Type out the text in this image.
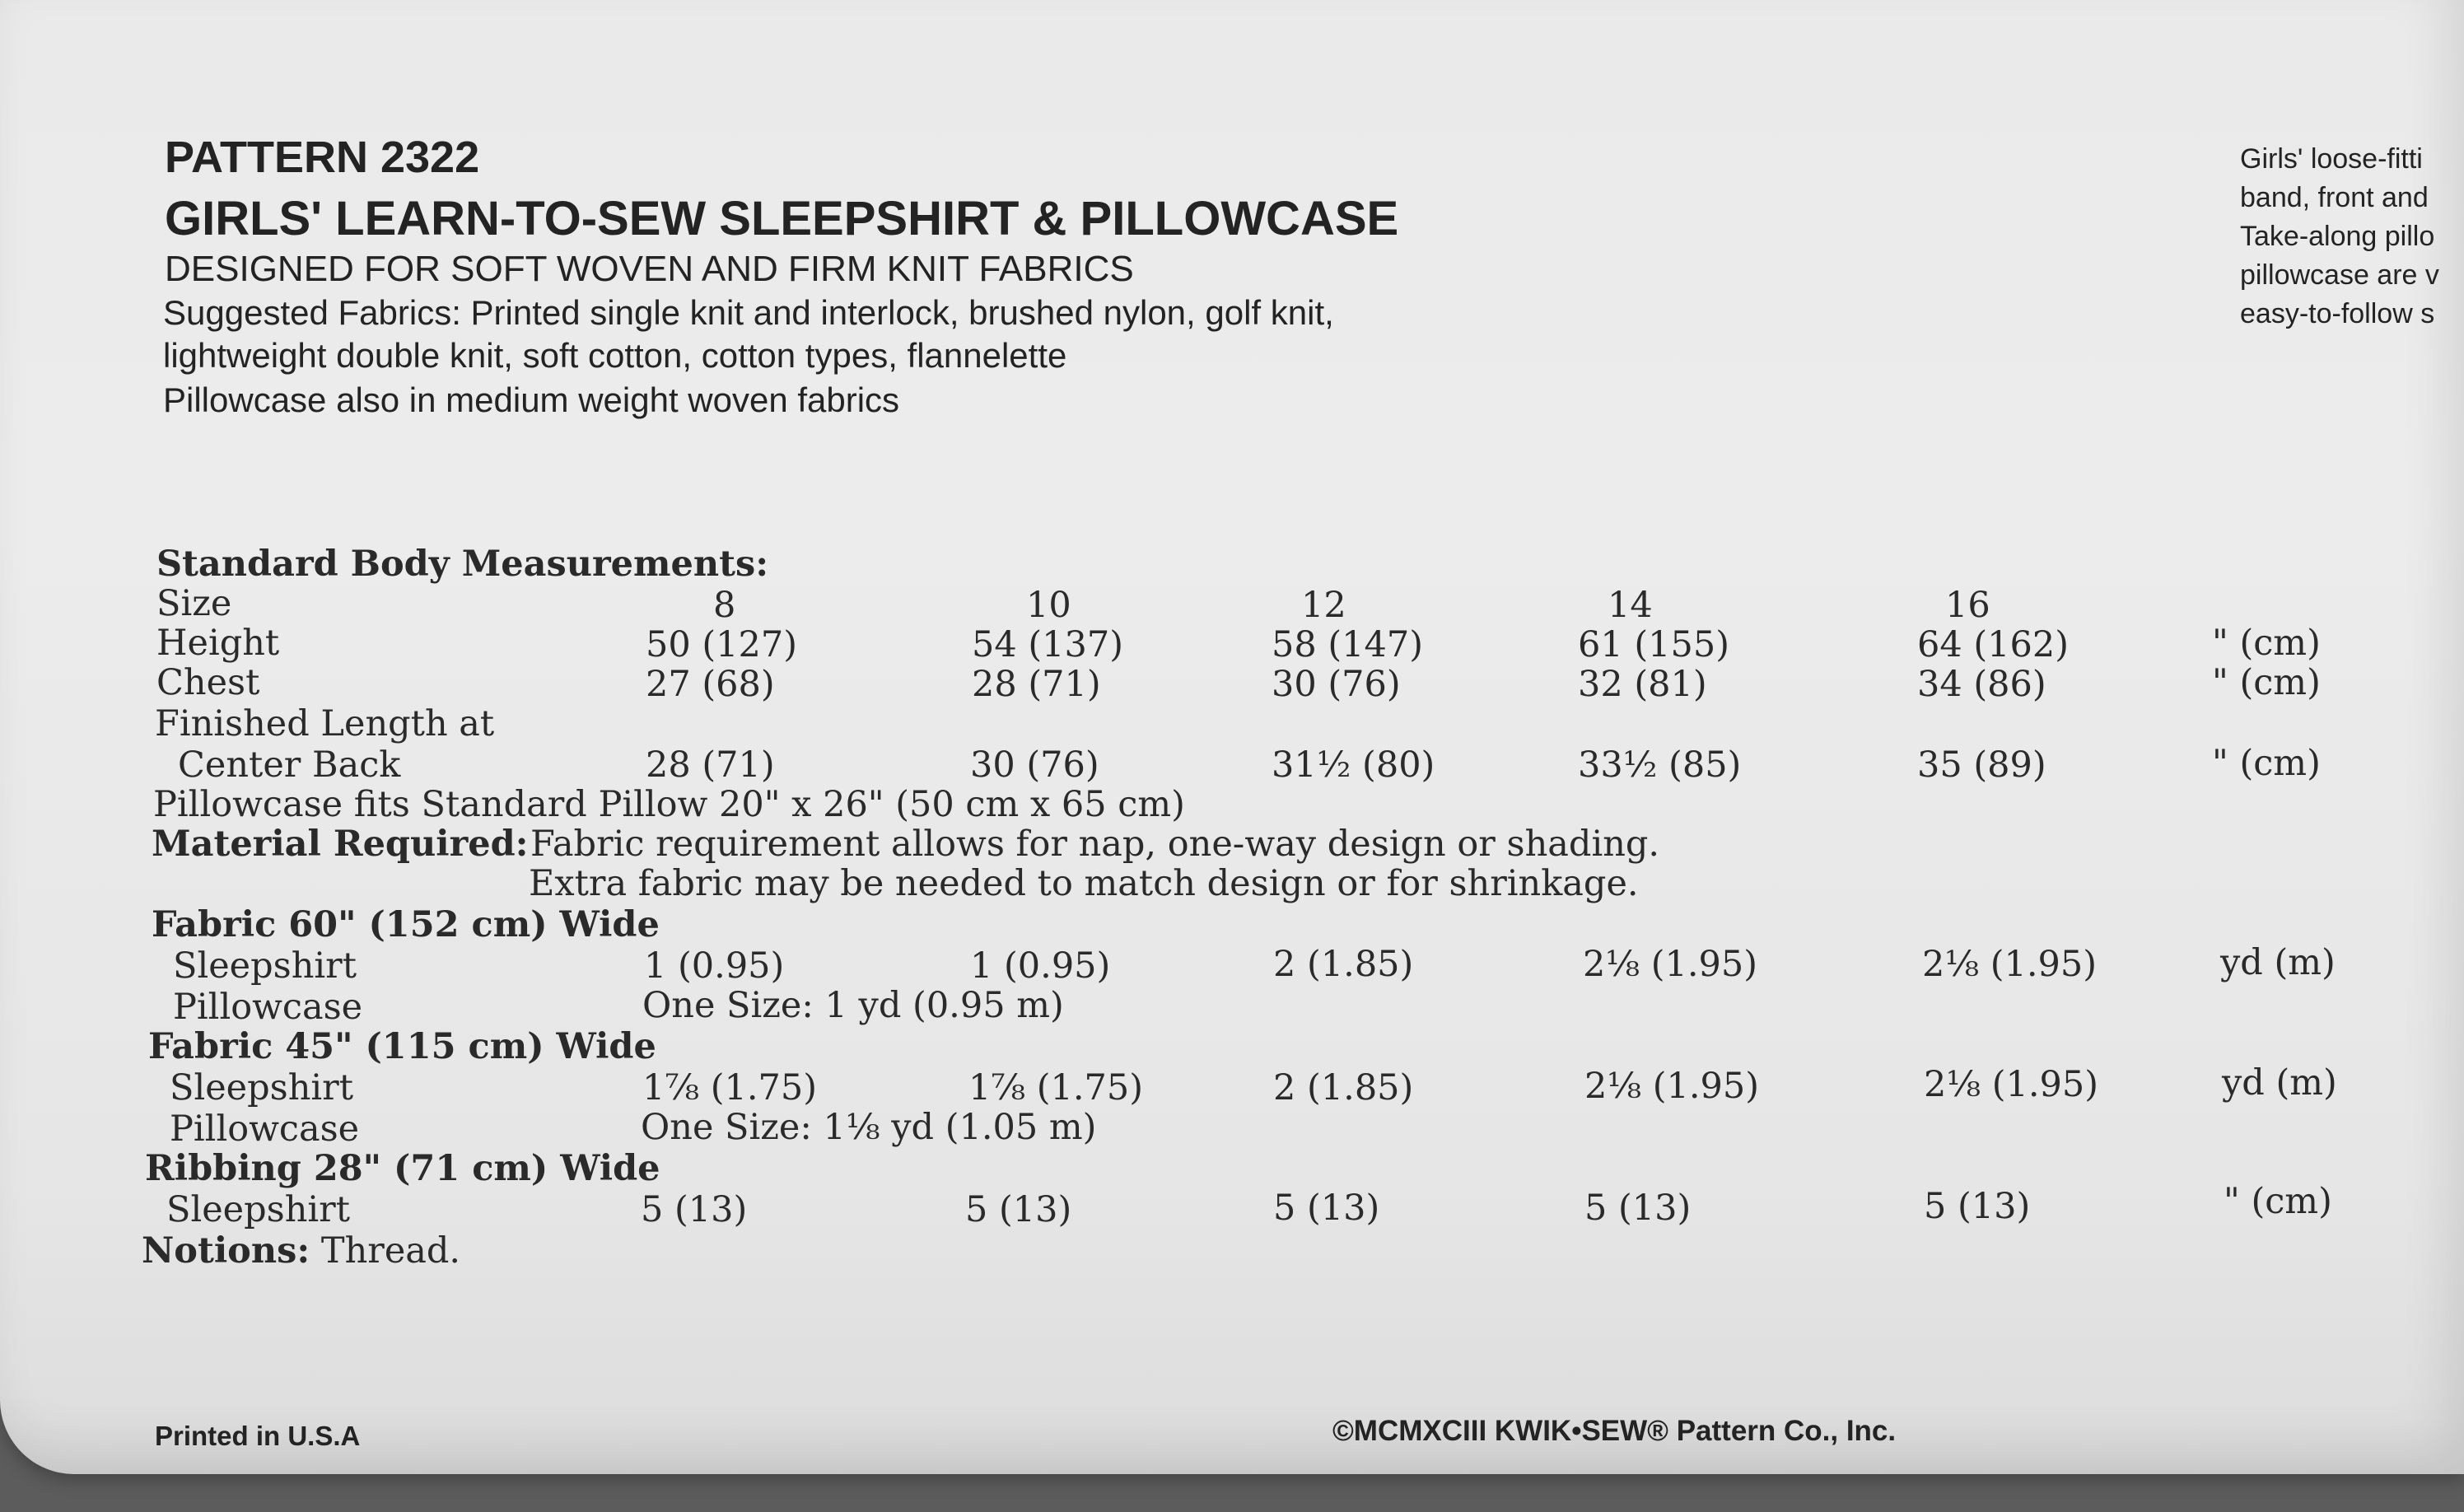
PATTERN 2322
GIRLS' LEARN-TO-SEW SLEEPSHIRT & PILLOWCASE
DESIGNED FOR SOFT WOVEN AND FIRM KNIT FABRICS
Suggested Fabrics: Printed single knit and interlock, brushed nylon, golf knit,
lightweight double knit, soft cotton, cotton types, flannelette
Pillowcase also in medium weight woven fabrics
Girls' loose-fitti
band, front and
Take-along pillo
pillowcase are v
easy-to-follow s
Standard Body Measurements:
Size	8	10	12	14	16
Height	50 (127)	54 (137)	58 (147)	61 (155)	64 (162)	" (cm)
Chest	27 (68)	28 (71)	30 (76)	32 (81)	34 (86)	" (cm)
Finished Length at
Center Back	28 (71)	30 (76)	31½ (80)	33½ (85)	35 (89)	" (cm)
Pillowcase fits Standard Pillow 20" x 26" (50 cm x 65 cm)
Material Required: Fabric requirement allows for nap, one-way design or shading.
Extra fabric may be needed to match design or for shrinkage.
Fabric 60" (152 cm) Wide
Sleepshirt	1 (0.95)	1 (0.95)	2 (1.85)	2⅛ (1.95)	2⅛ (1.95)	yd (m)
Pillowcase	One Size: 1 yd (0.95 m)
Fabric 45" (115 cm) Wide
Sleepshirt	1⅞ (1.75)	1⅞ (1.75)	2 (1.85)	2⅛ (1.95)	2⅛ (1.95)	yd (m)
Pillowcase	One Size: 1⅛ yd (1.05 m)
Ribbing 28" (71 cm) Wide
Sleepshirt	5 (13)	5 (13)	5 (13)	5 (13)	5 (13)	" (cm)
Notions: Thread.
Printed in U.S.A	©MCMXCIII KWIK•SEW® Pattern Co., Inc.
